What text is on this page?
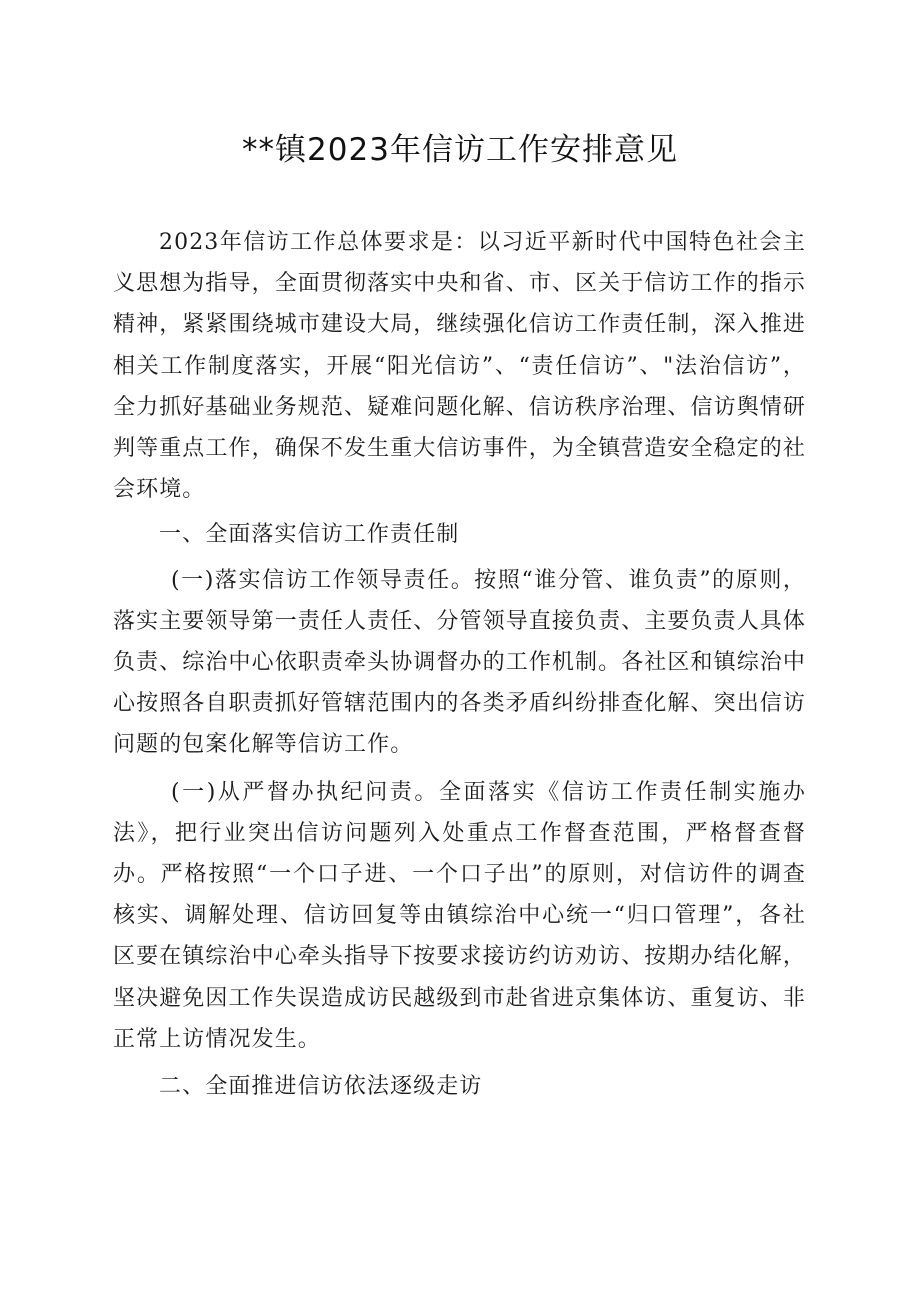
**镇2023年信访工作安排意见

2023年信访工作总体要求是：以习近平新时代中国特色社会主义思想为指导，全面贯彻落实中央和省、市、区关于信访工作的指示精神，紧紧围绕城市建设大局，继续强化信访工作责任制，深入推进相关工作制度落实，开展“阳光信访”、“责任信访”、"法治信访”，全力抓好基础业务规范、疑难问题化解、信访秩序治理、信访舆情研判等重点工作，确保不发生重大信访事件，为全镇营造安全稳定的社会环境。

一、全面落实信访工作责任制

(一)落实信访工作领导责任。按照“谁分管、谁负责”的原则，落实主要领导第一责任人责任、分管领导直接负责、主要负责人具体负责、综治中心依职责牵头协调督办的工作机制。各社区和镇综治中心按照各自职责抓好管辖范围内的各类矛盾纠纷排查化解、突出信访问题的包案化解等信访工作。

(一)从严督办执纪问责。全面落实《信访工作责任制实施办法》，把行业突出信访问题列入处重点工作督查范围，严格督查督办。严格按照“一个口子进、一个口子出”的原则，对信访件的调查核实、调解处理、信访回复等由镇综治中心统一“归口管理”，各社区要在镇综治中心牵头指导下按要求接访约访劝访、按期办结化解，坚决避免因工作失误造成访民越级到市赴省进京集体访、重复访、非正常上访情况发生。

二、全面推进信访依法逐级走访
